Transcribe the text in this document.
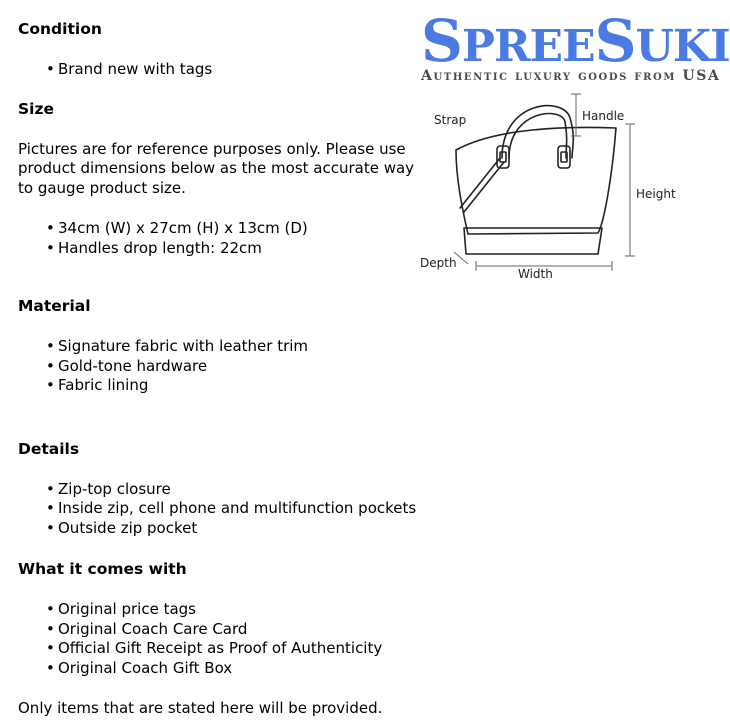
SPREESUKI
Authentic luxury goods from USA
Strap	Handle
Height
Depth
Width
Condition
• Brand new with tags
Size

Pictures are for reference purposes only. Please use product dimensions below as the most accurate way to gauge product size.

• 34cm (W) x 27cm (H) x 13cm (D)
• Handles drop length: 22cm
Material
• Signature fabric with leather trim
• Gold-tone hardware
• Fabric lining
Details
• Zip-top closure
• Inside zip, cell phone and multifunction pockets
• Outside zip pocket
What it comes with
• Original price tags
• Original Coach Care Card
• Official Gift Receipt as Proof of Authenticity
• Original Coach Gift Box

Only items that are stated here will be provided.
